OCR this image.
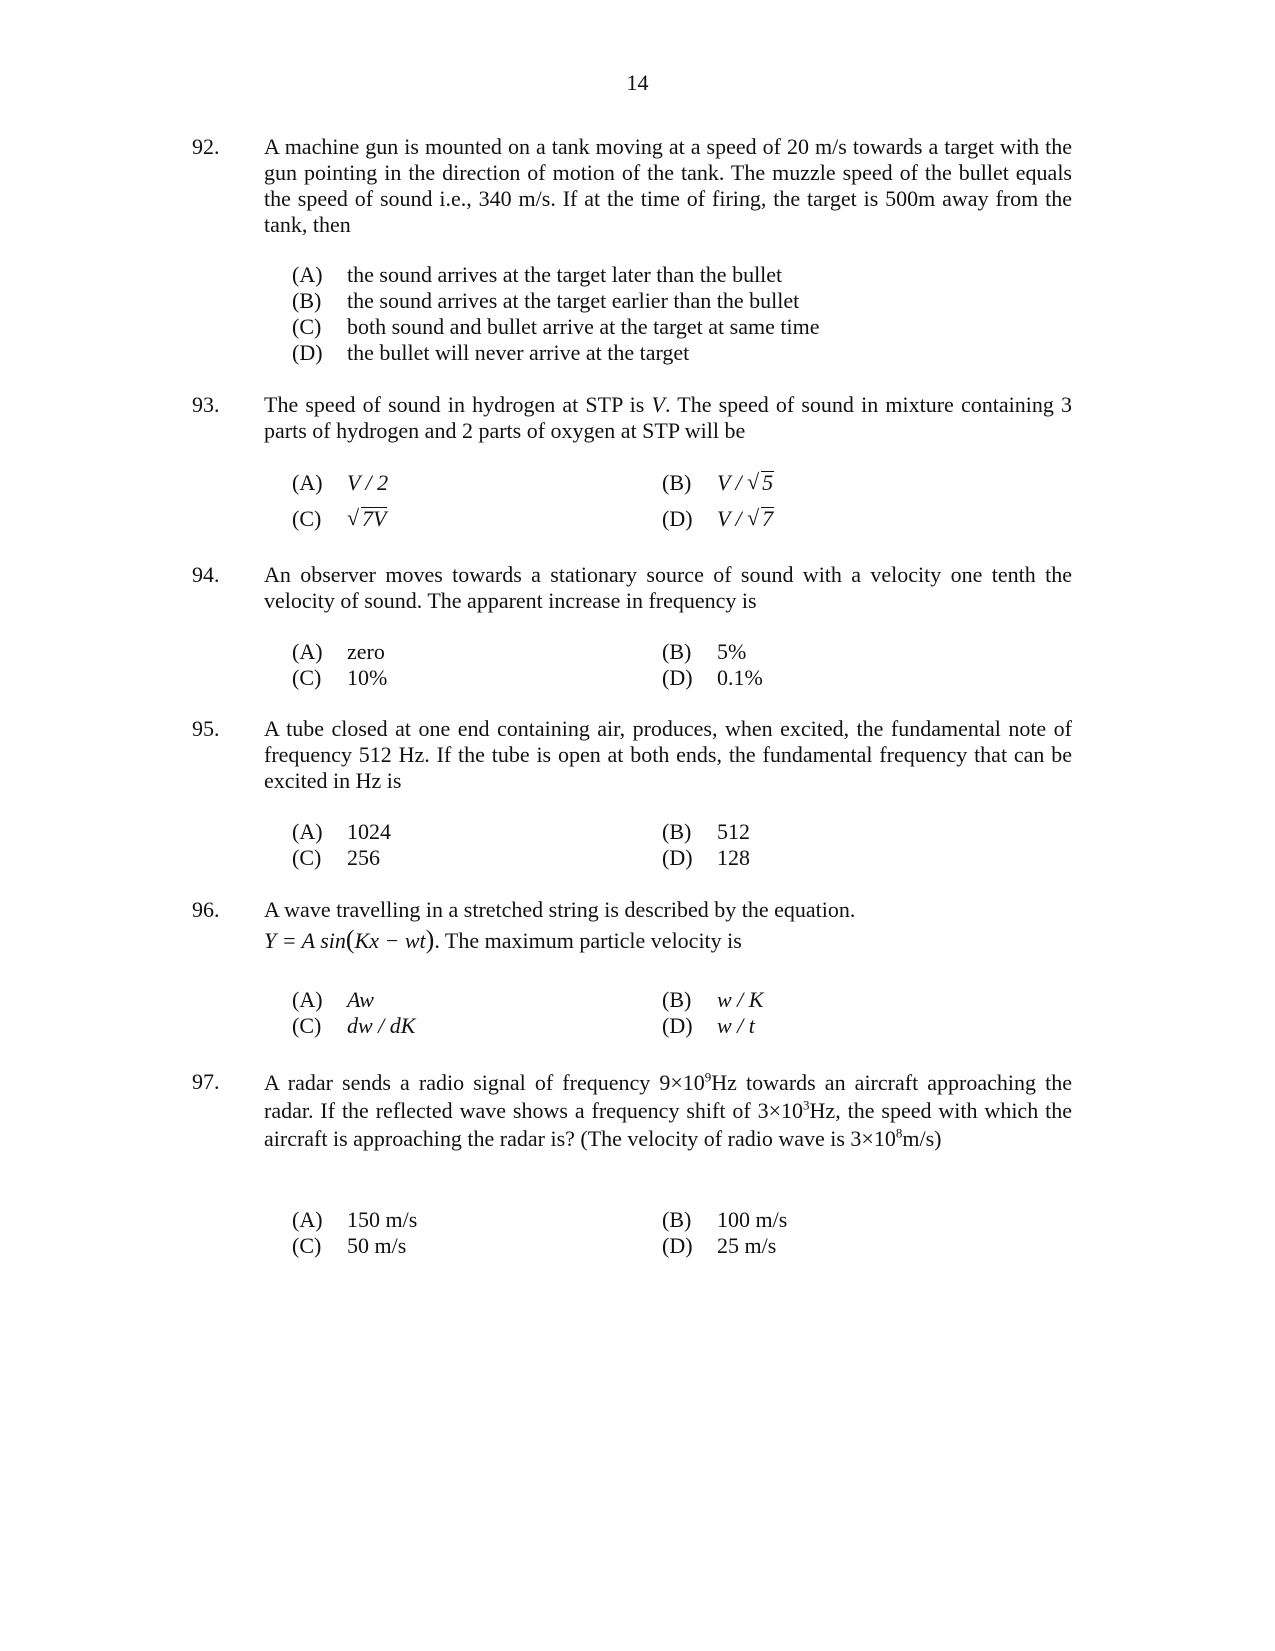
14
92. A machine gun is mounted on a tank moving at a speed of 20 m/s towards a target with the gun pointing in the direction of motion of the tank. The muzzle speed of the bullet equals the speed of sound i.e., 340 m/s. If at the time of firing, the target is 500m away from the tank, then
(A) the sound arrives at the target later than the bullet
(B) the sound arrives at the target earlier than the bullet
(C) both sound and bullet arrive at the target at same time
(D) the bullet will never arrive at the target
93. The speed of sound in hydrogen at STP is V. The speed of sound in mixture containing 3 parts of hydrogen and 2 parts of oxygen at STP will be
(A) V / 2	(B) V / √ 5
(C)
√	7V	(D) V / √ 7
94. An observer moves towards a stationary source of sound with a velocity one tenth the velocity of sound. The apparent increase in frequency is
(A) zero	(B) 5%
(C) 10%	(D) 0.1%
95. A tube closed at one end containing air, produces, when excited, the fundamental note of frequency 512 Hz. If the tube is open at both ends, the fundamental frequency that can be excited in Hz is
(A) 1024	(B) 512
(C) 256	(D) 128
96. A wave travelling in a stretched string is described by the equation.
Y = A sin(Kx − wt). The maximum particle velocity is
(A) Aw	(B) w / K
(C) dw / dK	(D) w / t
97. A radar sends a radio signal of frequency $9\times 10^9Hz$ towards an aircraft approaching the radar. If the reflected wave shows a frequency shift of $3\times 10^3Hz$, the speed with which the aircraft is approaching the radar is? (The velocity of radio wave is $3\times 10^8m/s$)
(A) 150 m/s	(B) 100 m/s
(C) 50 m/s	(D) 25 m/s
